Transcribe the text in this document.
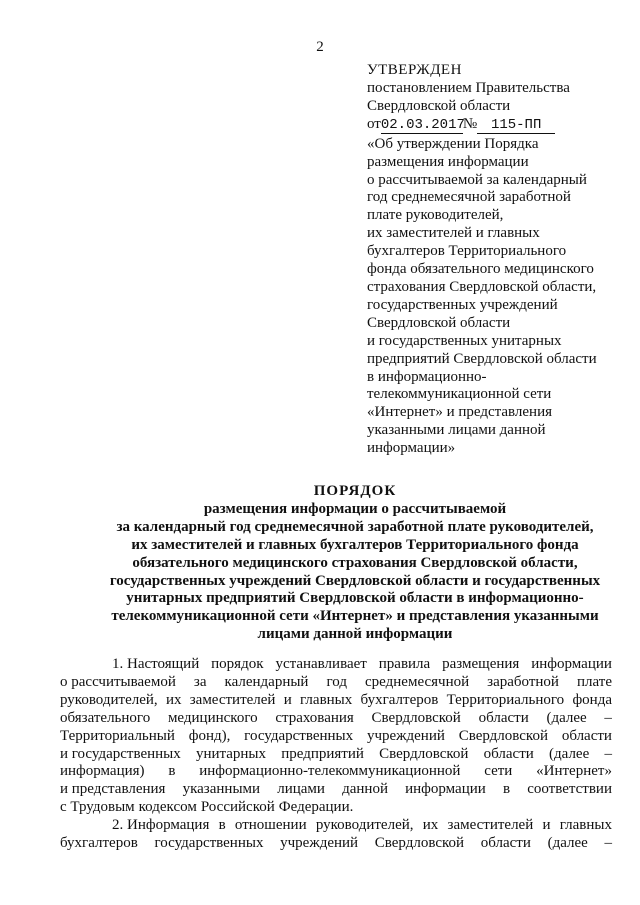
2
УТВЕРЖДЕН
постановлением Правительства
Свердловской области
от 02.03.2017
№ 115-ПП
«Об утверждении Порядка
размещения информации
о рассчитываемой за календарный
год среднемесячной заработной
плате руководителей,
их заместителей и главных
бухгалтеров Территориального
фонда обязательного медицинского
страхования Свердловской области,
государственных учреждений
Свердловской области
и государственных унитарных
предприятий Свердловской области
в информационно-
телекоммуникационной сети
«Интернет» и представления
указанными лицами данной
информации»
ПОРЯДОК
размещения информации о рассчитываемой
за календарный год среднемесячной заработной плате руководителей,
их заместителей и главных бухгалтеров Территориального фонда
обязательного медицинского страхования Свердловской области,
государственных учреждений Свердловской области и государственных
унитарных предприятий Свердловской области в информационно-
телекоммуникационной сети «Интернет» и представления указанными
лицами данной информации
1. Настоящий порядок устанавливает правила размещения информации
о рассчитываемой за календарный год среднемесячной заработной плате
руководителей, их заместителей и главных бухгалтеров Территориального фонда
обязательного медицинского страхования Свердловской области (далее –
Территориальный фонд), государственных учреждений Свердловской области
и государственных унитарных предприятий Свердловской области (далее –
информация) в информационно-телекоммуникационной сети «Интернет»
и представления указанными лицами данной информации в соответствии
с Трудовым кодексом Российской Федерации.
2. Информация в отношении руководителей, их заместителей и главных
бухгалтеров государственных учреждений Свердловской области (далее –
